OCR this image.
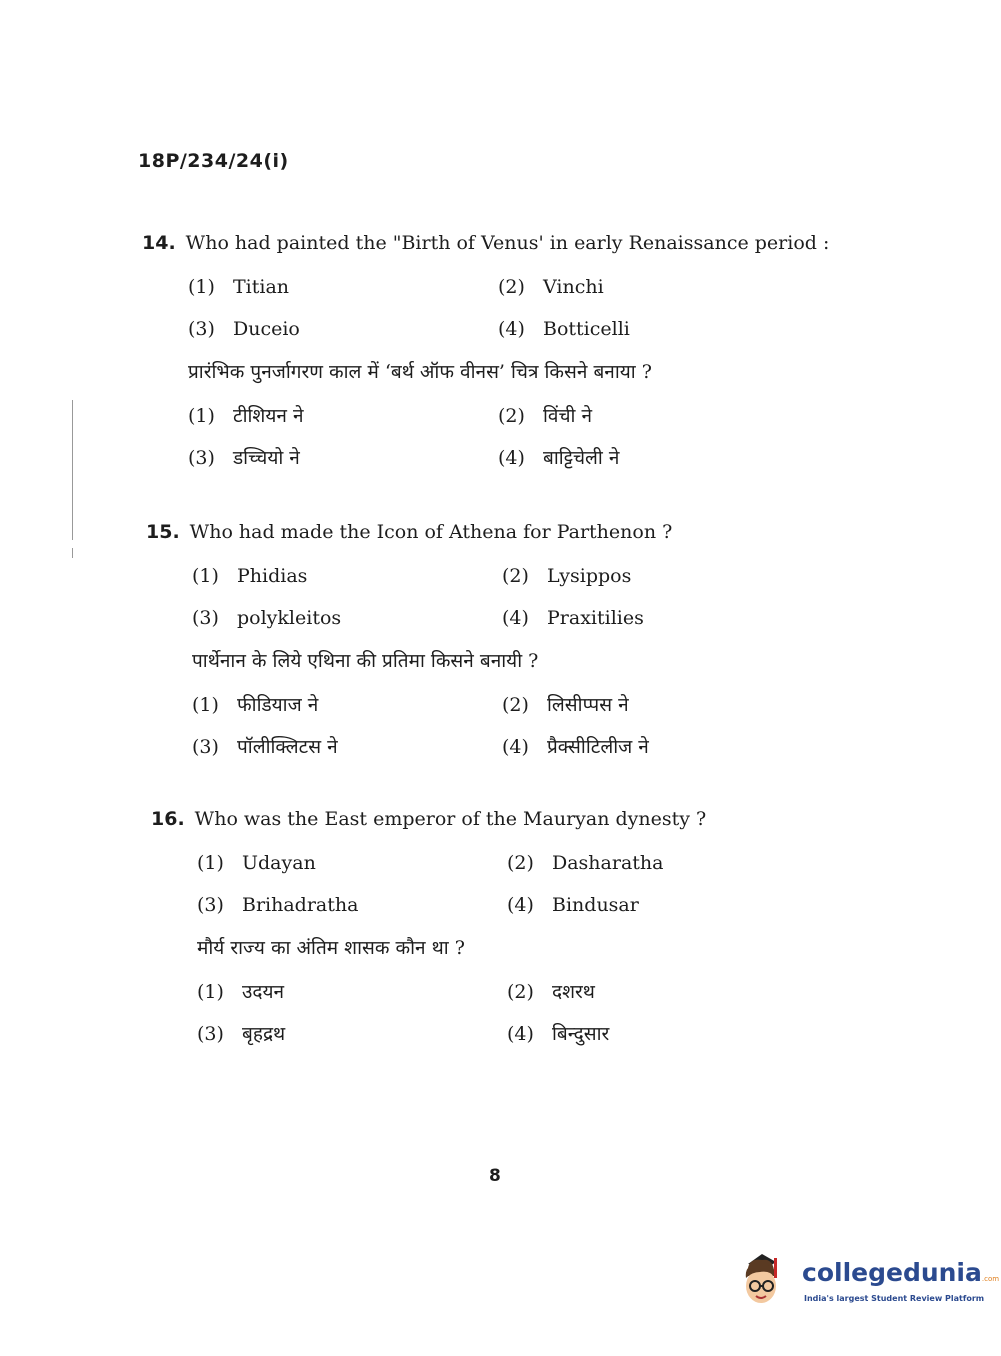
18P/234/24(i)
14. Who had painted the "Birth of Venus' in early Renaissance period :
(1) Titian	(2) Vinchi
(3) Duceio	(4) Botticelli
प्रारंभिक पुनर्जागरण काल में ‘बर्थ ऑफ वीनस’ चित्र किसने बनाया ?
(1) टीशियन ने	(2) विंची ने
(3) डच्चियो ने	(4) बाट्टिचेली ने
15. Who had made the Icon of Athena for Parthenon ?
(1) Phidias	(2) Lysippos
(3) polykleitos	(4) Praxitilies
पार्थेनान के लिये एथिना की प्रतिमा किसने बनायी ?
(1) फीडियाज ने	(2) लिसीप्पस ने
(3) पॉलीक्लिटस ने	(4) प्रैक्सीटिलीज ने
16. Who was the East emperor of the Mauryan dynesty ?
(1) Udayan	(2) Dasharatha
(3) Brihadratha	(4) Bindusar
मौर्य राज्य का अंतिम शासक कौन था ?
(1) उदयन	(2) दशरथ
(3) बृहद्रथ	(4) बिन्दुसार
8
collegedunia.com
India's largest Student Review Platform
